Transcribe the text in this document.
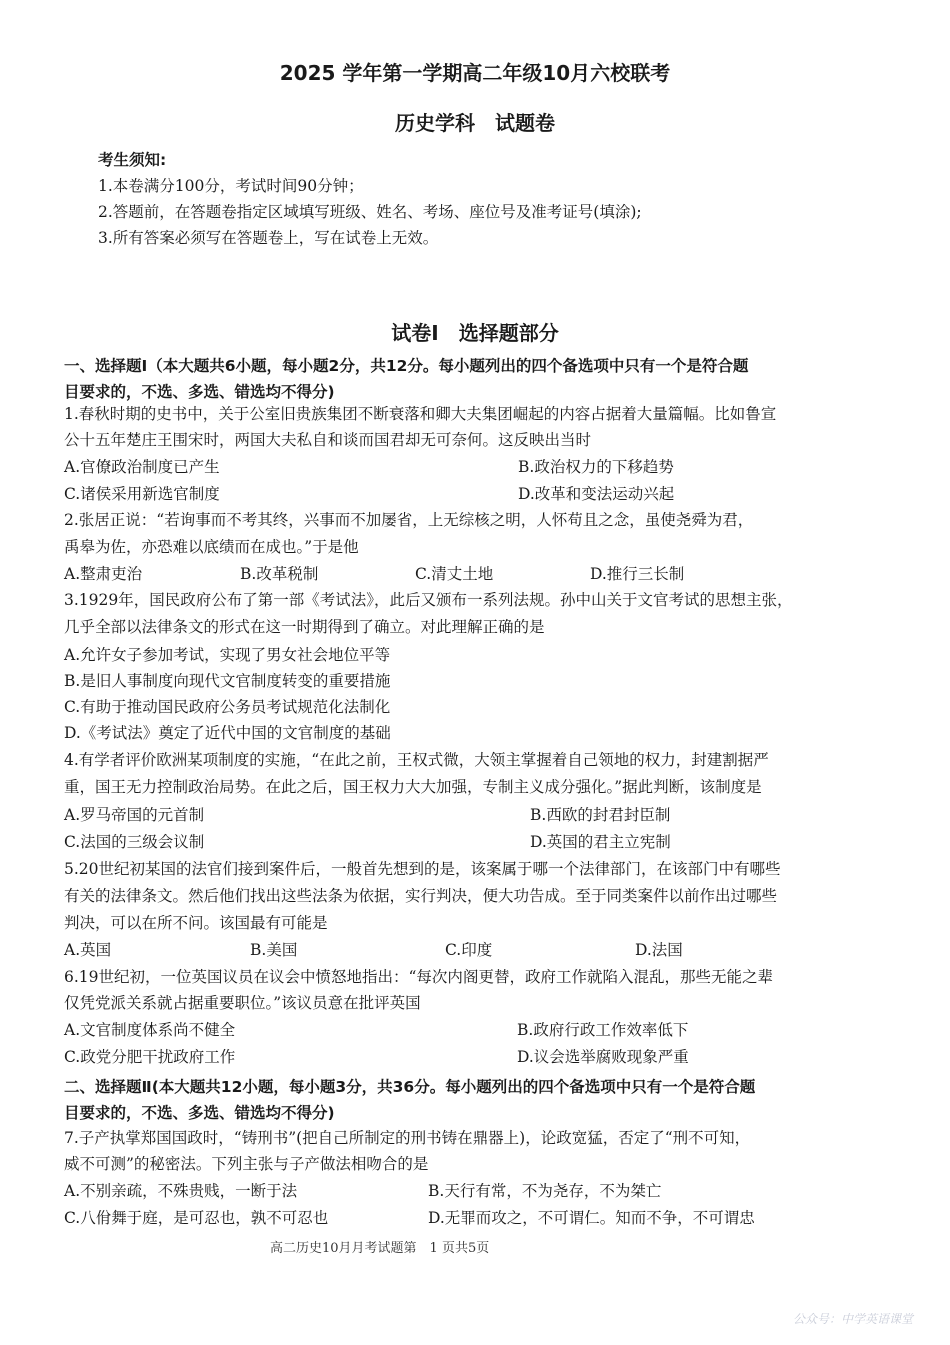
2025 学年第一学期高二年级10月六校联考
历史学科　试题卷
考生须知:
1.本卷满分100分，考试时间90分钟；
2.答题前，在答题卷指定区域填写班级、姓名、考场、座位号及准考证号(填涂);
3.所有答案必须写在答题卷上，写在试卷上无效。
试卷Ⅰ　选择题部分
一、选择题Ⅰ（本大题共6小题，每小题2分，共12分。每小题列出的四个备选项中只有一个是符合题
目要求的，不选、多选、错选均不得分)
1.春秋时期的史书中，关于公室旧贵族集团不断衰落和卿大夫集团崛起的内容占据着大量篇幅。比如鲁宣
公十五年楚庄王围宋时，两国大夫私自和谈而国君却无可奈何。这反映出当时
A.官僚政治制度已产生	B.政治权力的下移趋势
C.诸侯采用新选官制度	D.改革和变法运动兴起
2.张居正说：“若询事而不考其终，兴事而不加屡省，上无综核之明，人怀苟且之念，虽使尧舜为君，
禹皋为佐，亦恐难以底绩而在成也。”于是他
A.整肃吏治	B.改革税制	C.清丈土地	D.推行三长制
3.1929年，国民政府公布了第一部《考试法》，此后又颁布一系列法规。孙中山关于文官考试的思想主张，
几乎全部以法律条文的形式在这一时期得到了确立。对此理解正确的是
A.允许女子参加考试，实现了男女社会地位平等
B.是旧人事制度向现代文官制度转变的重要措施
C.有助于推动国民政府公务员考试规范化法制化
D.《考试法》奠定了近代中国的文官制度的基础
4.有学者评价欧洲某项制度的实施，“在此之前，王权式微，大领主掌握着自己领地的权力，封建割据严
重，国王无力控制政治局势。在此之后，国王权力大大加强，专制主义成分强化。”据此判断，该制度是
A.罗马帝国的元首制	B.西欧的封君封臣制
C.法国的三级会议制	D.英国的君主立宪制
5.20世纪初某国的法官们接到案件后，一般首先想到的是，该案属于哪一个法律部门，在该部门中有哪些
有关的法律条文。然后他们找出这些法条为依据，实行判决，便大功告成。至于同类案件以前作出过哪些
判决，可以在所不问。该国最有可能是
A.英国	B.美国	C.印度	D.法国
6.19世纪初，一位英国议员在议会中愤怒地指出：“每次内阁更替，政府工作就陷入混乱，那些无能之辈
仅凭党派关系就占据重要职位。”该议员意在批评英国
A.文官制度体系尚不健全	B.政府行政工作效率低下
C.政党分肥干扰政府工作	D.议会选举腐败现象严重
二、选择题Ⅱ(本大题共12小题，每小题3分，共36分。每小题列出的四个备选项中只有一个是符合题
目要求的，不选、多选、错选均不得分)
7.子产执掌郑国国政时，“铸刑书”(把自己所制定的刑书铸在鼎器上)，论政宽猛，否定了“刑不可知，
威不可测”的秘密法。下列主张与子产做法相吻合的是
A.不别亲疏，不殊贵贱，一断于法	B.天行有常，不为尧存，不为桀亡
C.八佾舞于庭，是可忍也，孰不可忍也	D.无罪而攻之，不可谓仁。知而不争，不可谓忠
高二历史10月月考试题第　1 页共5页
公众号：中学英语课堂
